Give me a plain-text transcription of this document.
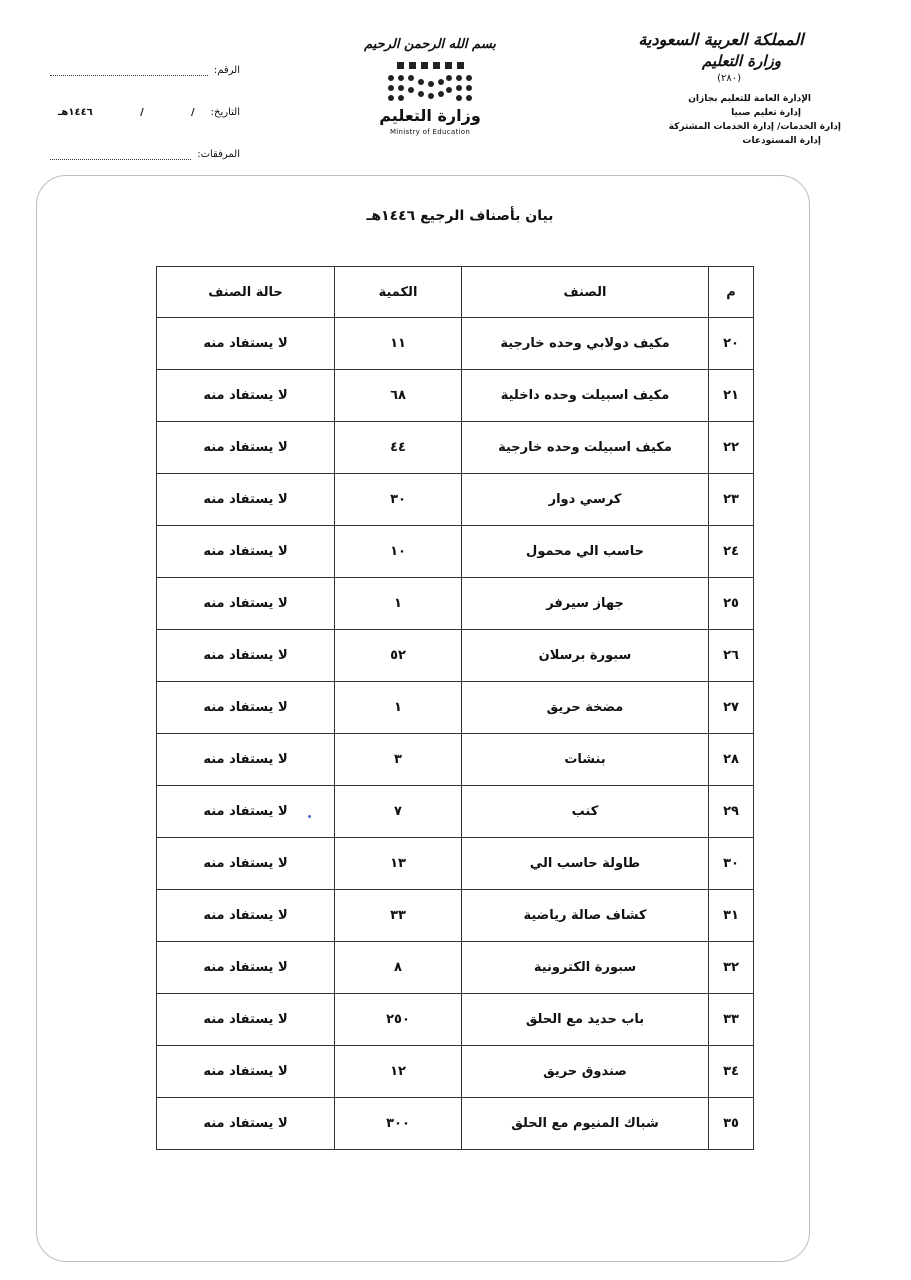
المملكة العربية السعودية
وزارة التعليم
(٢٨٠)
الإدارة العامة للتعليم بجازان
إدارة تعليم صبيا
إدارة الخدمات/ إدارة الخدمات المشتركة
إدارة المستودعات
بسم الله الرحمن الرحيم
وزارة التعليم
Ministry of Education
الرقم:
التاريخ:
/
/
١٤٤٦هـ
المرفقات:
بيان بأصناف الرجيع ١٤٤٦هـ
م	الصنف	الكمية	حالة الصنف
٢٠	مكيف دولابي وحده خارجية	١١	لا يستفاد منه
٢١	مكيف اسبيلت وحده داخلية	٦٨	لا يستفاد منه
٢٢	مكيف اسبيلت وحده خارجية	٤٤	لا يستفاد منه
٢٣	كرسي دوار	٣٠	لا يستفاد منه
٢٤	حاسب الي محمول	١٠	لا يستفاد منه
٢٥	جهاز سيرفر	١	لا يستفاد منه
٢٦	سبورة برسلان	٥٢	لا يستفاد منه
٢٧	مضخة حريق	١	لا يستفاد منه
٢٨	بنشات	٣	لا يستفاد منه
٢٩	كنب	٧	لا يستفاد منه
٣٠	طاولة حاسب الي	١٣	لا يستفاد منه
٣١	كشاف صالة رياضية	٣٣	لا يستفاد منه
٣٢	سبورة الكترونية	٨	لا يستفاد منه
٣٣	باب حديد مع الحلق	٢٥٠	لا يستفاد منه
٣٤	صندوق حريق	١٢	لا يستفاد منه
٣٥	شباك المنيوم مع الحلق	٣٠٠	لا يستفاد منه
